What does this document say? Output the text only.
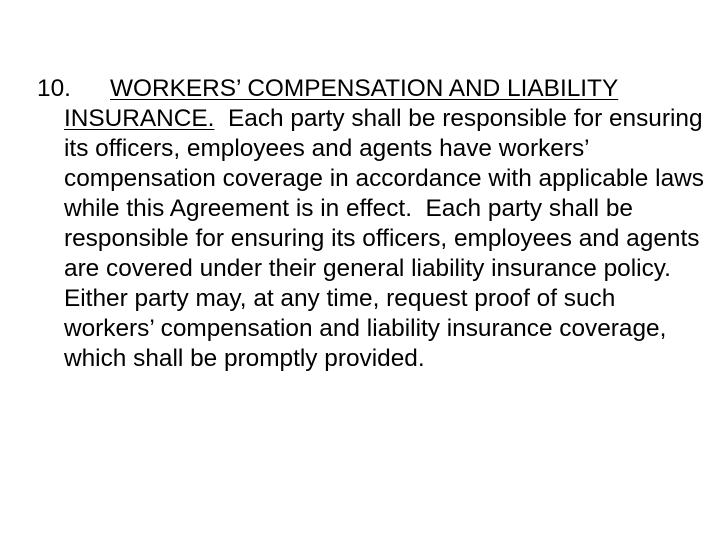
10. WORKERS’ COMPENSATION AND LIABILITY INSURANCE.  Each party shall be responsible for ensuring its officers, employees and agents have workers’ compensation coverage in accordance with applicable laws while this Agreement is in effect.  Each party shall be responsible for ensuring its officers, employees and agents are covered under their general liability insurance policy.  Either party may, at any time, request proof of such workers’ compensation and liability insurance coverage, which shall be promptly provided.
